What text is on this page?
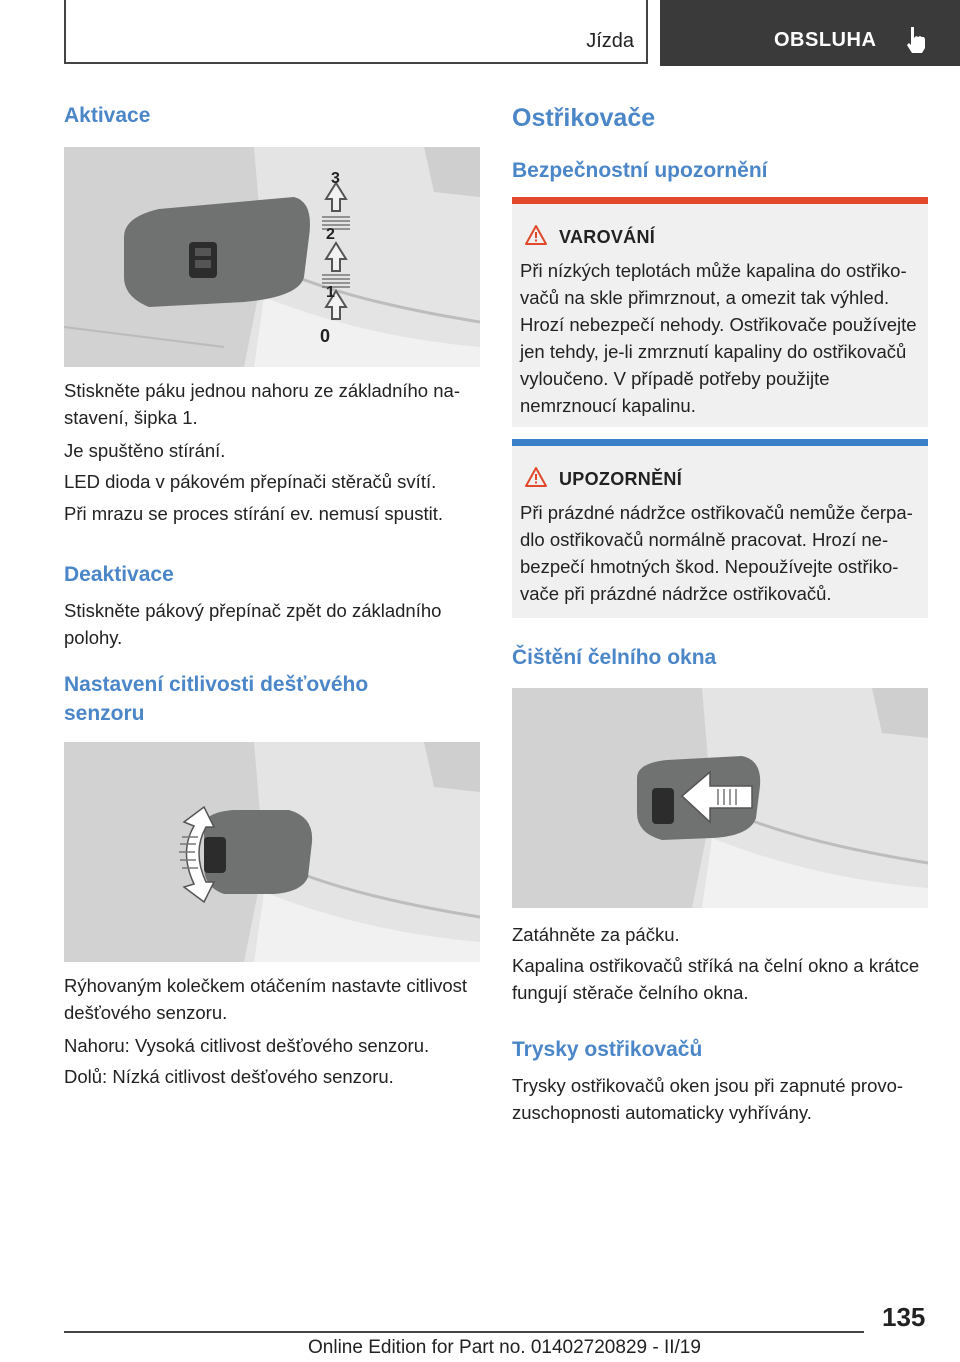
Jízda	OBSLUHA
Aktivace
3
2
1
0

Stiskněte páku jednou nahoru ze základního nastavení, šipka 1.

Je spuštěno stírání.

LED dioda v pákovém přepínači stěračů svítí.

Při mrazu se proces stírání ev. nemusí spustit.

Deaktivace

Stiskněte pákový přepínač zpět do základního polohy.

Nastavení citlivosti dešťového
senzoru

Rýhovaným kolečkem otáčením nastavte citlivost dešťového senzoru.

Nahoru: Vysoká citlivost dešťového senzoru.

Dolů: Nízká citlivost dešťového senzoru.

Ostřikovače
Bezpečnostní upozornění
VAROVÁNÍ

Při nízkých teplotách může kapalina do ostřikovačů na skle přimrznout, a omezit tak výhled. Hrozí nebezpečí nehody. Ostřikovače používejte jen tehdy, je-li zmrznutí kapaliny do ostřikovačů vyloučeno. V případě potřeby použijte nemrznoucí kapalinu.

UPOZORNĚNÍ

Při prázdné nádržce ostřikovačů nemůže čerpadlo ostřikovačů normálně pracovat. Hrozí nebezpečí hmotných škod. Nepoužívejte ostřikovače při prázdné nádržce ostřikovačů.

Čištění čelního okna

Zatáhněte za páčku.

Kapalina ostřikovačů stříká na čelní okno a krátce fungují stěrače čelního okna.

Trysky ostřikovačů

Trysky ostřikovačů oken jsou při zapnuté provozuschopnosti automaticky vyhřívány.

135
Online Edition for Part no. 01402720829 - II/19
